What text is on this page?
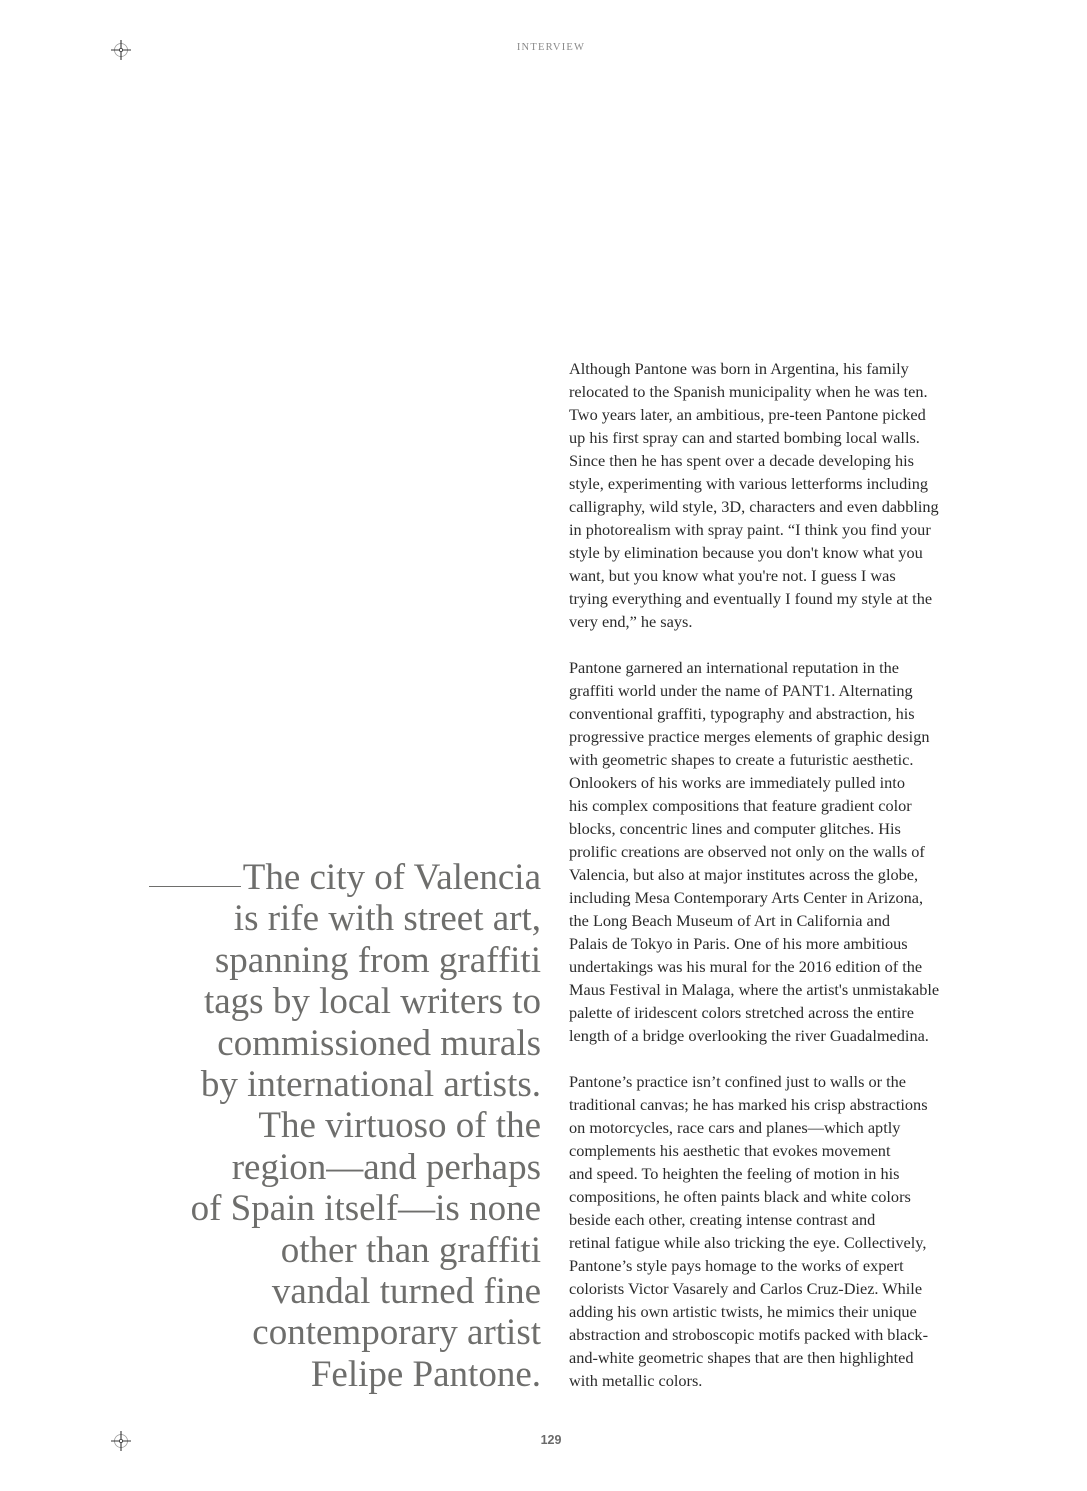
INTERVIEW
The city of Valencia
is rife with street art,
spanning from graffiti
tags by local writers to
commissioned murals
by international artists.
The virtuoso of the
region—and perhaps
of Spain itself—is none
other than graffiti
vandal turned fine
contemporary artist
Felipe Pantone.

Although Pantone was born in Argentina, his family
relocated to the Spanish municipality when he was ten.
Two years later, an ambitious, pre-teen Pantone picked
up his first spray can and started bombing local walls.
Since then he has spent over a decade developing his
style, experimenting with various letterforms including
calligraphy, wild style, 3D, characters and even dabbling
in photorealism with spray paint. “I think you find your
style by elimination because you don't know what you
want, but you know what you're not. I guess I was
trying everything and eventually I found my style at the
very end,” he says.

Pantone garnered an international reputation in the
graffiti world under the name of PANT1. Alternating
conventional graffiti, typography and abstraction, his
progressive practice merges elements of graphic design
with geometric shapes to create a futuristic aesthetic.
Onlookers of his works are immediately pulled into
his complex compositions that feature gradient color
blocks, concentric lines and computer glitches. His
prolific creations are observed not only on the walls of
Valencia, but also at major institutes across the globe,
including Mesa Contemporary Arts Center in Arizona,
the Long Beach Museum of Art in California and
Palais de Tokyo in Paris. One of his more ambitious
undertakings was his mural for the 2016 edition of the
Maus Festival in Malaga, where the artist's unmistakable
palette of iridescent colors stretched across the entire
length of a bridge overlooking the river Guadalmedina.

Pantone’s practice isn’t confined just to walls or the
traditional canvas; he has marked his crisp abstractions
on motorcycles, race cars and planes—which aptly
complements his aesthetic that evokes movement
and speed. To heighten the feeling of motion in his
compositions, he often paints black and white colors
beside each other, creating intense contrast and
retinal fatigue while also tricking the eye. Collectively,
Pantone’s style pays homage to the works of expert
colorists Victor Vasarely and Carlos Cruz-Diez. While
adding his own artistic twists, he mimics their unique
abstraction and stroboscopic motifs packed with black-
and-white geometric shapes that are then highlighted
with metallic colors.

129
